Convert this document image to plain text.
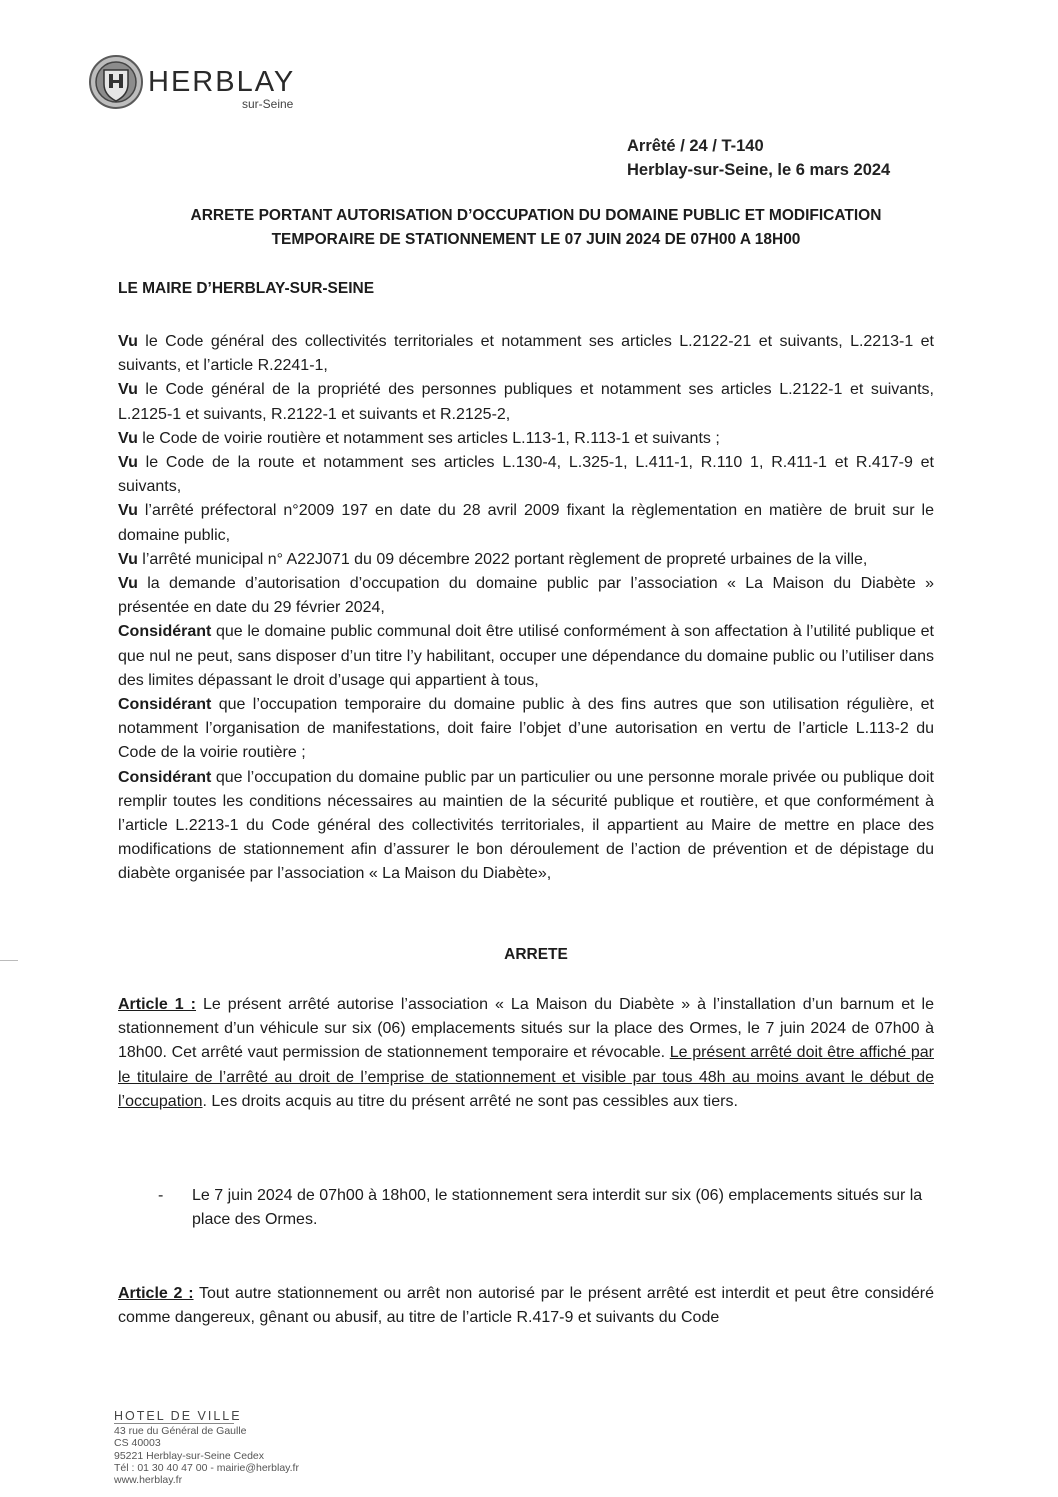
HERBLAY
sur-Seine
Arrêté / 24 / T-140
Herblay-sur-Seine, le 6 mars 2024
ARRETE PORTANT AUTORISATION D’OCCUPATION DU DOMAINE PUBLIC ET MODIFICATION
TEMPORAIRE DE STATIONNEMENT LE 07 JUIN 2024 DE 07H00 A 18H00
LE MAIRE D’HERBLAY-SUR-SEINE

Vu le Code général des collectivités territoriales et notamment ses articles L.2122-21 et suivants, L.2213-1 et suivants, et l’article R.2241-1,

Vu le Code général de la propriété des personnes publiques et notamment ses articles L.2122-1 et suivants, L.2125-1 et suivants, R.2122-1 et suivants et R.2125-2,

Vu le Code de voirie routière et notamment ses articles L.113-1, R.113-1 et suivants ;

Vu le Code de la route et notamment ses articles L.130-4, L.325-1, L.411-1, R.110 1, R.411-1 et R.417-9 et suivants,

Vu l’arrêté préfectoral n°2009 197 en date du 28 avril 2009 fixant la règlementation en matière de bruit sur le domaine public,

Vu l’arrêté municipal n° A22J071 du 09 décembre 2022 portant règlement de propreté urbaines de la ville,

Vu la demande d’autorisation d’occupation du domaine public par l’association « La Maison du Diabète » présentée en date du 29 février 2024,

Considérant que le domaine public communal doit être utilisé conformément à son affectation à l’utilité publique et que nul ne peut, sans disposer d’un titre l’y habilitant, occuper une dépendance du domaine public ou l’utiliser dans des limites dépassant le droit d’usage qui appartient à tous,

Considérant que l’occupation temporaire du domaine public à des fins autres que son utilisation régulière, et notamment l’organisation de manifestations, doit faire l’objet d’une autorisation en vertu de l’article L.113-2 du Code de la voirie routière ;

Considérant que l’occupation du domaine public par un particulier ou une personne morale privée ou publique doit remplir toutes les conditions nécessaires au maintien de la sécurité publique et routière, et que conformément à l’article L.2213-1 du Code général des collectivités territoriales, il appartient au Maire de mettre en place des modifications de stationnement afin d’assurer le bon déroulement de l’action de prévention et de dépistage du diabète organisée par l’association « La Maison du Diabète»,

ARRETE

Article 1 : Le présent arrêté autorise l’association « La Maison du Diabète » à l’installation d’un barnum et le stationnement d’un véhicule sur six (06) emplacements situés sur la place des Ormes, le 7 juin 2024 de 07h00 à 18h00. Cet arrêté vaut permission de stationnement temporaire et révocable. Le présent arrêté doit être affiché par le titulaire de l’arrêté au droit de l’emprise de stationnement et visible par tous 48h au moins avant le début de l’occupation. Les droits acquis au titre du présent arrêté ne sont pas cessibles aux tiers.

- Le 7 juin 2024 de 07h00 à 18h00, le stationnement sera interdit sur six (06) emplacements situés sur la place des Ormes.

Article 2 : Tout autre stationnement ou arrêt non autorisé par le présent arrêté est interdit et peut être considéré comme dangereux, gênant ou abusif, au titre de l’article R.417-9 et suivants du Code

HOTEL DE VILLE
43 rue du Général de Gaulle
CS 40003
95221 Herblay-sur-Seine Cedex
Tél : 01 30 40 47 00 - mairie@herblay.fr
www.herblay.fr
